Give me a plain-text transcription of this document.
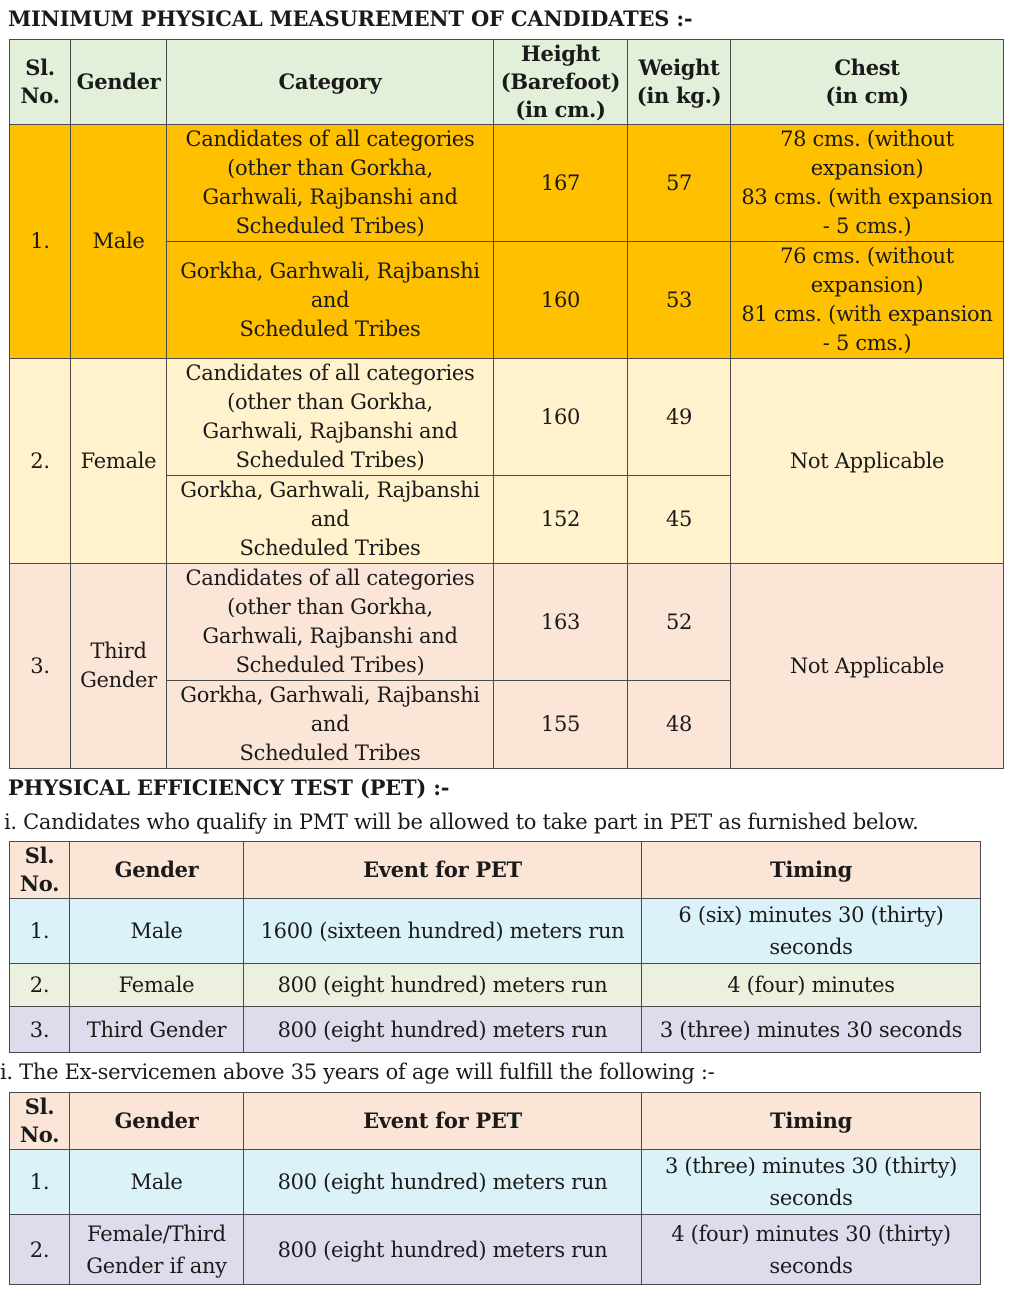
MINIMUM PHYSICAL MEASUREMENT OF CANDIDATES :-
Sl.
No.	Gender	Category	Height
(Barefoot)
(in cm.)	Weight
(in kg.)	Chest
(in cm)
1.	Male	Candidates of all categories
(other than Gorkha,
Garhwali, Rajbanshi and
Scheduled Tribes)	167	57	78 cms. (without
expansion)
83 cms. (with expansion
- 5 cms.)
		Gorkha, Garhwali, Rajbanshi
and
Scheduled Tribes	160	53	76 cms. (without
expansion)
81 cms. (with expansion
- 5 cms.)
2.	Female	Candidates of all categories
(other than Gorkha,
Garhwali, Rajbanshi and
Scheduled Tribes)	160	49	Not Applicable
		Gorkha, Garhwali, Rajbanshi
and
Scheduled Tribes	152	45	
3.	Third
Gender	Candidates of all categories
(other than Gorkha,
Garhwali, Rajbanshi and
Scheduled Tribes)	163	52	Not Applicable
		Gorkha, Garhwali, Rajbanshi
and
Scheduled Tribes	155	48	
PHYSICAL EFFICIENCY TEST (PET) :-

i. Candidates who qualify in PMT will be allowed to take part in PET as furnished below.

Sl.
No.	Gender	Event for PET	Timing
1.	Male	1600 (sixteen hundred) meters run	6 (six) minutes 30 (thirty)
seconds
2.	Female	800 (eight hundred) meters run	4 (four) minutes
3.	Third Gender	800 (eight hundred) meters run	3 (three) minutes 30 seconds

i. The Ex-servicemen above 35 years of age will fulfill the following :-

Sl.
No.	Gender	Event for PET	Timing
1.	Male	800 (eight hundred) meters run	3 (three) minutes 30 (thirty)
seconds
2.	Female/Third
Gender if any	800 (eight hundred) meters run	4 (four) minutes 30 (thirty)
seconds
